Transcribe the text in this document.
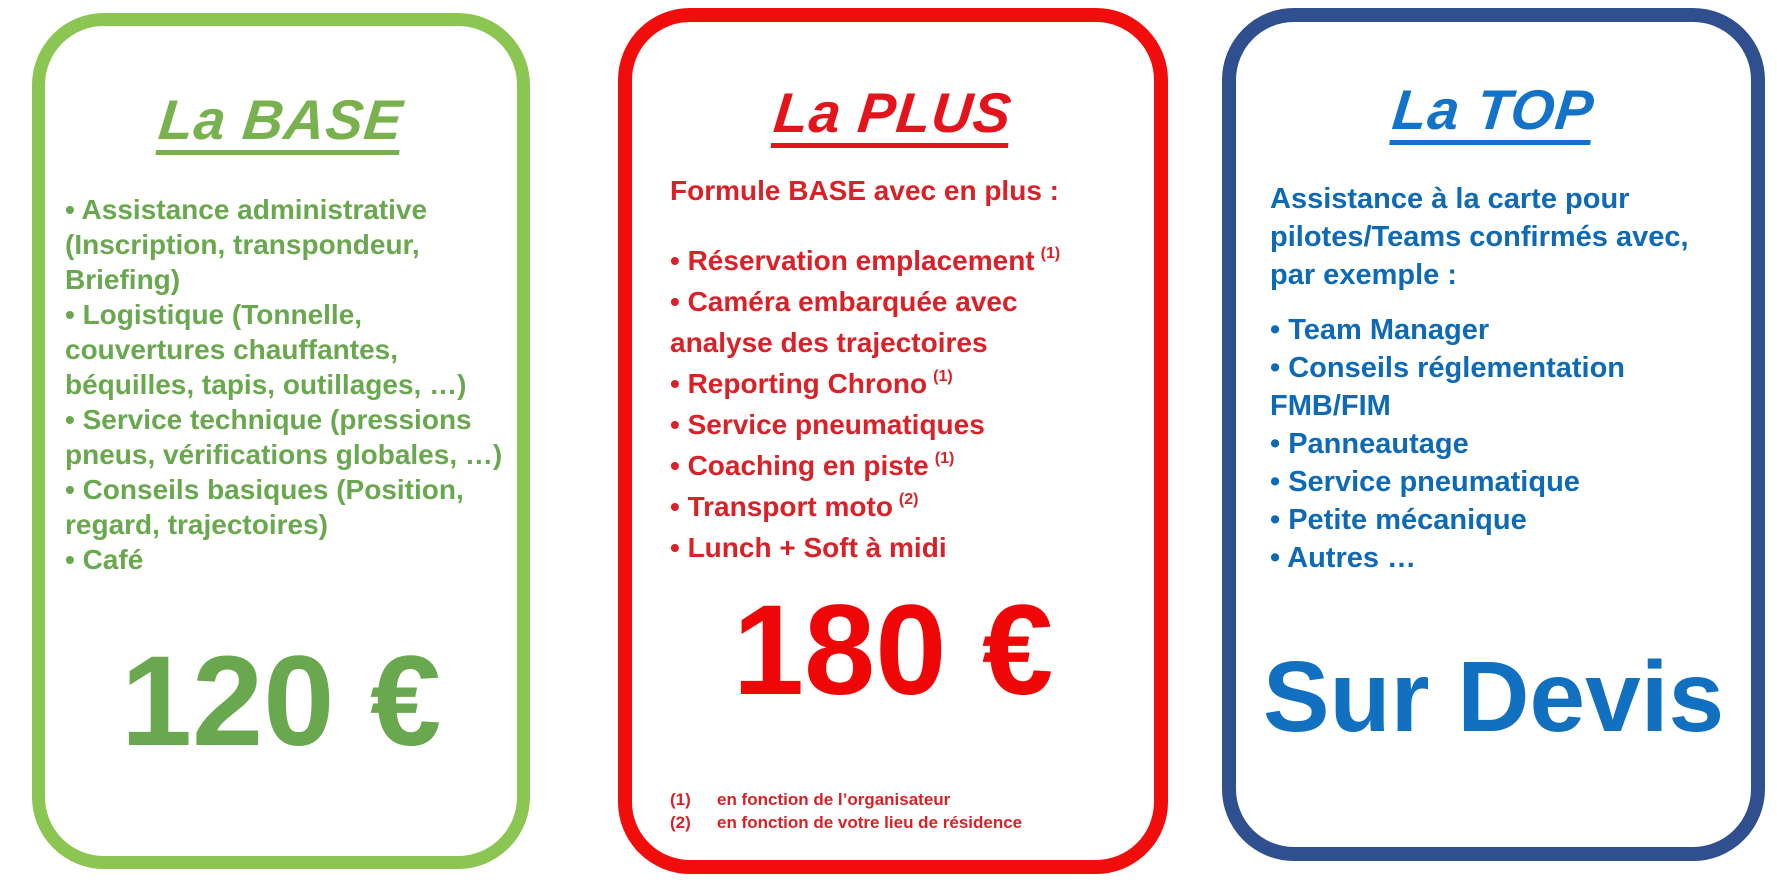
La BASE
• Assistance administrative
(Inscription, transpondeur,
Briefing)
• Logistique (Tonnelle,
couvertures chauffantes,
béquilles, tapis, outillages, …)
• Service technique (pressions
pneus, vérifications globales, …)
• Conseils basiques (Position,
regard, trajectoires)
• Café
120 €
La PLUS
Formule BASE avec en plus :
• Réservation emplacement $^{(1)}$
• Caméra embarquée avec
analyse des trajectoires
• Reporting Chrono $^{(1)}$
• Service pneumatiques
• Coaching en piste $^{(1)}$
• Transport moto $^{(2)}$
• Lunch + Soft à midi
180 €
(1) en fonction de l’organisateur
(2) en fonction de votre lieu de résidence
La TOP
Assistance à la carte pour
pilotes/Teams confirmés avec,
par exemple :
• Team Manager
• Conseils réglementation
FMB/FIM
• Panneautage
• Service pneumatique
• Petite mécanique
• Autres …
Sur Devis
